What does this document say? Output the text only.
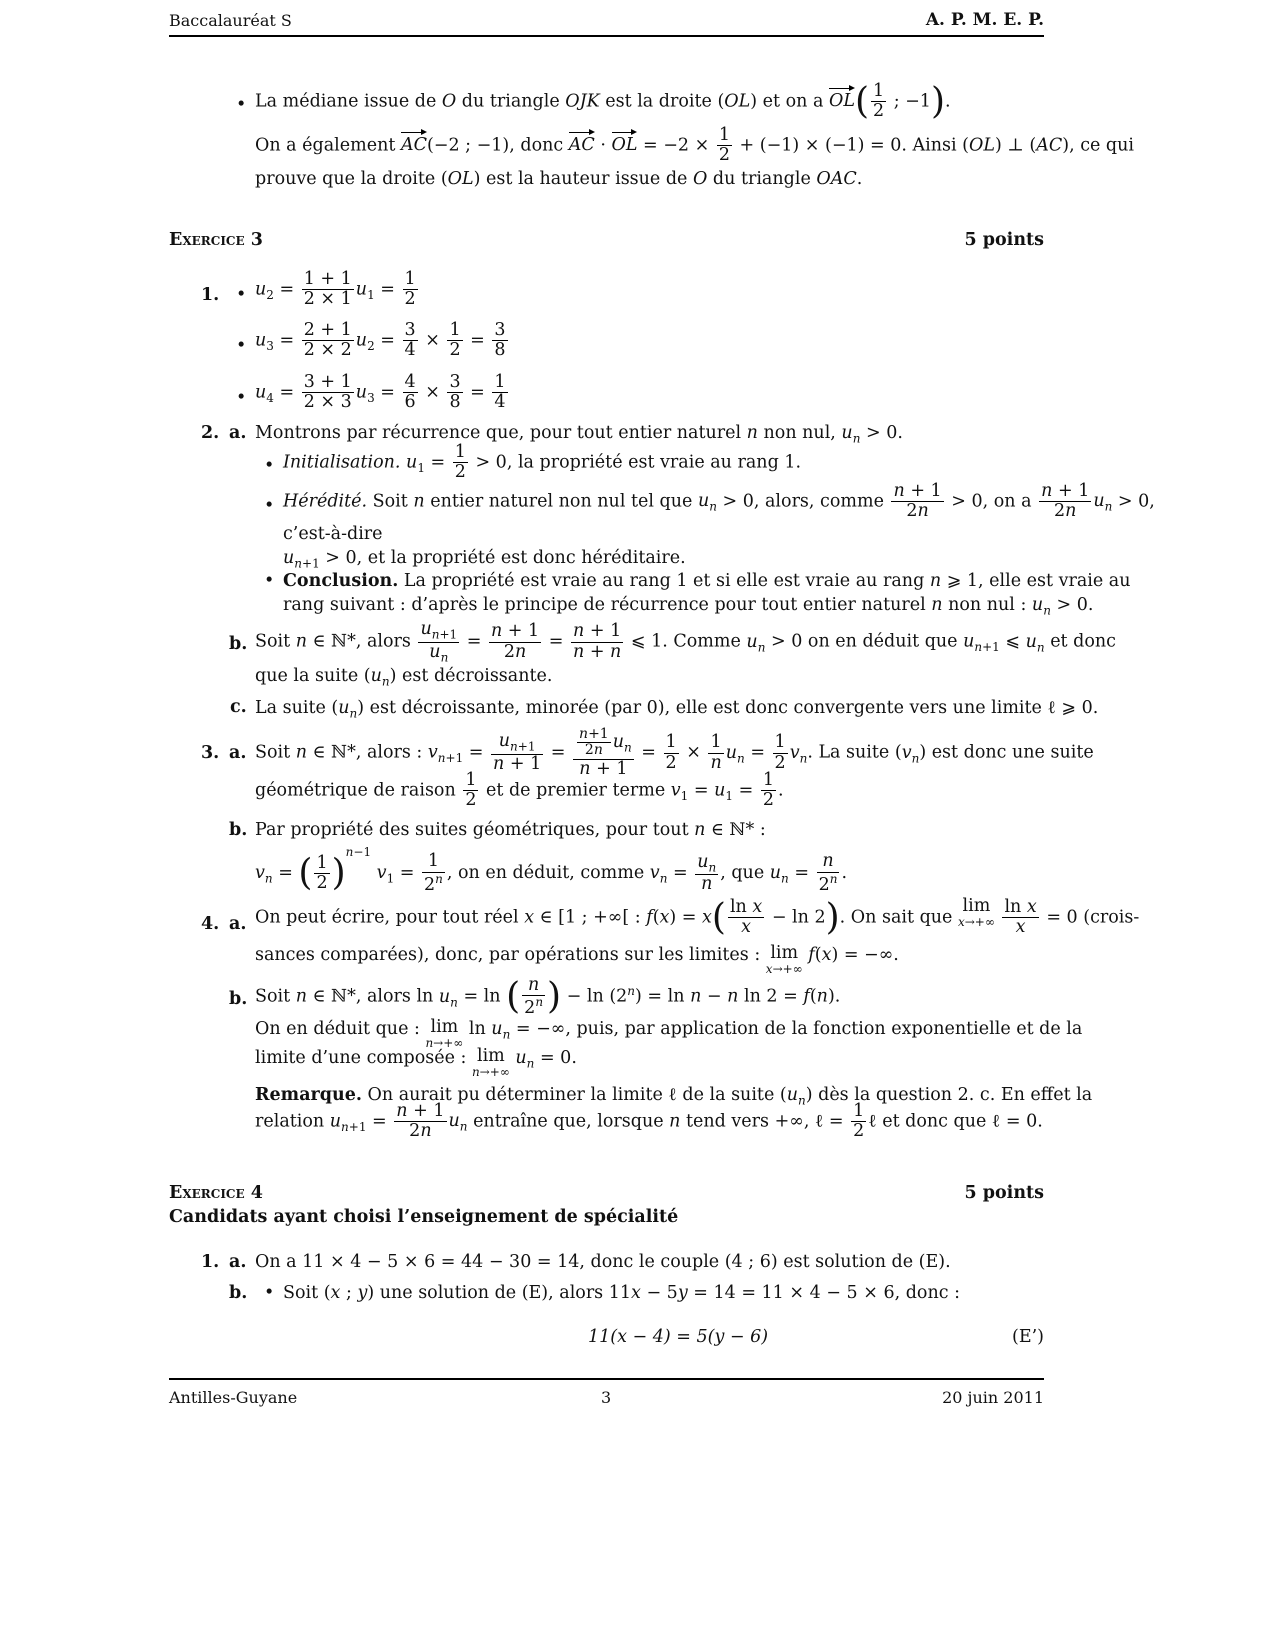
Baccalauréat S	A. P. M. E. P.
• La médiane issue de O du triangle OJK est la droite (OL) et on a $OL( \frac{1}{2}$ ; −1).
On a également AC(−2 ; −1), donc AC · OL = $-2 \times \frac{1}{2} + (-1) \times (-1) = 0$. Ainsi (OL) ⊥ (AC), ce qui
prouve que la droite (OL) est la hauteur issue de O du triangle OAC.
Exercice 3	5 points
1. • $u_2 = \frac{1 + 1}{2 \times 1} u_1 = \frac{1}{2}$
• $u_3 = \frac{2 + 1}{2 \times 2} u_2 = \frac{3}{4} \times \frac{1}{2} = \frac{3}{8}$
• $u_4 = \frac{3 + 1}{2 \times 3} u_3 = \frac{4}{6} \times \frac{3}{8} = \frac{1}{4}$
2. a. Montrons par récurrence que, pour tout entier naturel n non nul, $u_n > 0$.
• Initialisation. $u_1 = \frac{1}{2} > 0$, la propriété est vraie au rang 1.
• Hérédité. Soit n entier naturel non nul tel que $u_n > 0$, alors, comme $\frac{n + 1}{2n} > 0$, on a $\frac{n + 1}{2n} u_n > 0$,
c’est-à-dire
$u_{n+1} > 0$, et la propriété est donc héréditaire.
• Conclusion. La propriété est vraie au rang 1 et si elle est vraie au rang n ⩾ 1, elle est vraie au
rang suivant : d’après le principe de récurrence pour tout entier naturel n non nul : $u_n > 0$.
b. Soit n ∈ ℕ*, alors $\frac{u_{n+1}}{u_n} = \frac{n + 1}{2n} = \frac{n + 1}{n + n}$ ⩽ 1. Comme $u_n > 0$ on en déduit que $u_{n+1}$ ⩽ $u_n$ et donc
que la suite $(u_n)$ est décroissante.
c. La suite $(u_n)$ est décroissante, minorée (par 0), elle est donc convergente vers une limite ℓ ⩾ 0.
3. a. Soit n ∈ ℕ*, alors : $v_{n+1} = \frac{u_{n+1}}{n + 1} = \frac{n+1}{2n} u_n$
n + 1
= $\frac{1}{2} \times \frac{1}{n} u_n = \frac{1}{2} v_n$. La suite $(v_n)$ est donc une suite
géométrique de raison $\frac{1}{2}$ et de premier terme $v_1 = u_1 = \frac{1}{2}$ .
b. Par propriété des suites géométriques, pour tout n ∈ ℕ* :
$v_n$ = ( $\frac{1}{2} )^{n-1}$ $v_1 = \frac{1}{2^n}$ , on en déduit, comme $v_n = \frac{u_n}{n}$ , que $u_n = \frac{n}{2^n}$ .
4. a. On peut écrire, pour tout réel x ∈ [1 ; +∞[ : $f(x) = x( \frac{\text{ln x}}{x} - \ln 2)$. On sait que
lim
x→+∞
$\frac{\text{ln x}}{x} = 0$ (crois-
sances comparées), donc, par opérations sur les limites : lim
x→+∞
f(x) = −∞.
b. Soit n ∈ ℕ*, alors $\ln u_n = \ln$ ( $\frac{n}{2^n}$ ) − $\ln (2^n) = \ln n - n$ ln 2 = f(n).
On en déduit que : lim
n→+∞
$\ln u_n$ = −∞, puis, par application de la fonction exponentielle et de la
limite d’une composée : lim
n→+∞
$u_n = 0$.
Remarque. On aurait pu déterminer la limite ℓ de la suite $(u_n)$ dès la question 2. c. En effet la
relation $u_{n+1} = \frac{n + 1}{2n} u_n$ entraîne que, lorsque n tend vers +∞, ℓ = $\frac{1}{2}$ ℓ et donc que ℓ = 0.
Exercice 4	5 points
Candidats ayant choisi l’enseignement de spécialité
1. a. On a 11 × 4 − 5 × 6 = 44 − 30 = 14, donc le couple (4 ; 6) est solution de (E).
b. • Soit (x ; y) une solution de (E), alors 11x − 5y = 14 = 11 × 4 − 5 × 6, donc :
11(x − 4) = 5(y − 6)	(E’)
Antilles-Guyane	3	20 juin 2011
